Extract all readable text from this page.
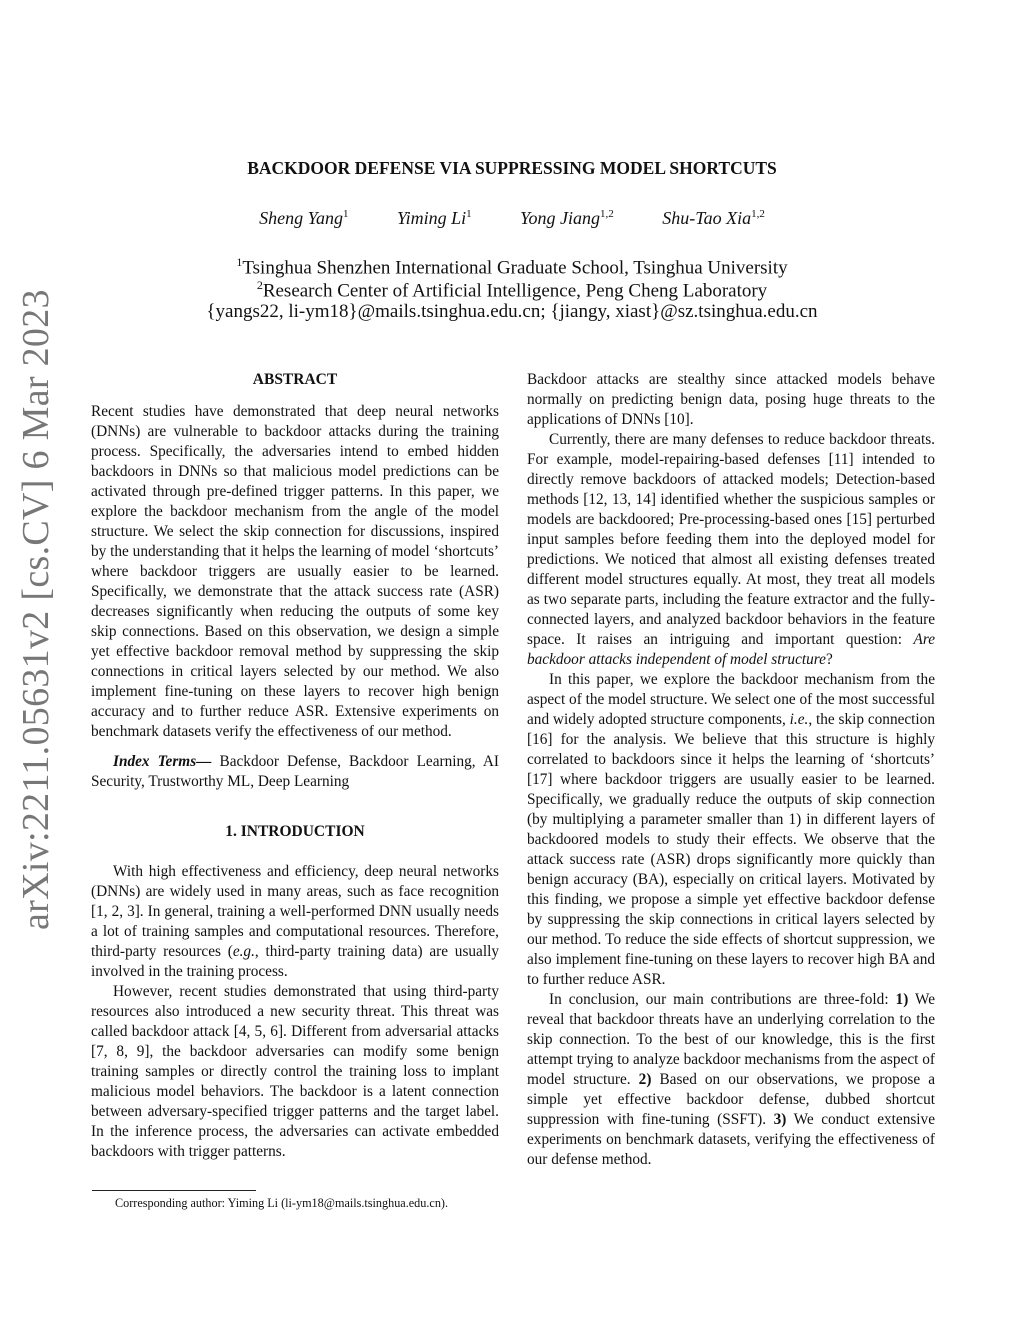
arXiv:2211.05631v2 [cs.CV] 6 Mar 2023
BACKDOOR DEFENSE VIA SUPPRESSING MODEL SHORTCUTS
Sheng Yang$^1$	Yiming Li$^1$	Yong Jiang$^{1,2}$	Shu-Tao Xia$^{1,2}$
$^1$Tsinghua Shenzhen International Graduate School, Tsinghua University
$^2$Research Center of Artificial Intelligence, Peng Cheng Laboratory
{yangs22, li-ym18}@mails.tsinghua.edu.cn; {jiangy, xiast}@sz.tsinghua.edu.cn
ABSTRACT

Recent studies have demonstrated that deep neural networks (DNNs) are vulnerable to backdoor attacks during the training process. Specifically, the adversaries intend to embed hidden backdoors in DNNs so that malicious model predictions can be activated through pre-defined trigger patterns. In this paper, we explore the backdoor mechanism from the angle of the model structure. We select the skip connection for discussions, inspired by the understanding that it helps the learning of model ‘shortcuts’ where backdoor triggers are usually easier to be learned. Specifically, we demonstrate that the attack success rate (ASR) decreases significantly when reducing the outputs of some key skip connections. Based on this observation, we design a simple yet effective backdoor removal method by suppressing the skip connections in critical layers selected by our method. We also implement fine-tuning on these layers to recover high benign accuracy and to further reduce ASR. Extensive experiments on benchmark datasets verify the effectiveness of our method.

Index Terms— Backdoor Defense, Backdoor Learning, AI Security, Trustworthy ML, Deep Learning

1. INTRODUCTION

With high effectiveness and efficiency, deep neural networks (DNNs) are widely used in many areas, such as face recognition [1, 2, 3]. In general, training a well-performed DNN usually needs a lot of training samples and computational resources. Therefore, third-party resources (e.g., third-party training data) are usually involved in the training process.

However, recent studies demonstrated that using third-party resources also introduced a new security threat. This threat was called backdoor attack [4, 5, 6]. Different from adversarial attacks [7, 8, 9], the backdoor adversaries can modify some benign training samples or directly control the training loss to implant malicious model behaviors. The backdoor is a latent connection between adversary-specified trigger patterns and the target label. In the inference process, the adversaries can activate embedded backdoors with trigger patterns.

Corresponding author: Yiming Li (li-ym18@mails.tsinghua.edu.cn).

Backdoor attacks are stealthy since attacked models behave normally on predicting benign data, posing huge threats to the applications of DNNs [10].

Currently, there are many defenses to reduce backdoor threats. For example, model-repairing-based defenses [11] intended to directly remove backdoors of attacked models; Detection-based methods [12, 13, 14] identified whether the suspicious samples or models are backdoored; Pre-processing-based ones [15] perturbed input samples before feeding them into the deployed model for predictions. We noticed that almost all existing defenses treated different model structures equally. At most, they treat all models as two separate parts, including the feature extractor and the fully-connected layers, and analyzed backdoor behaviors in the feature space. It raises an intriguing and important question: Are backdoor attacks independent of model structure?

In this paper, we explore the backdoor mechanism from the aspect of the model structure. We select one of the most successful and widely adopted structure components, i.e., the skip connection [16] for the analysis. We believe that this structure is highly correlated to backdoors since it helps the learning of ‘shortcuts’ [17] where backdoor triggers are usually easier to be learned. Specifically, we gradually reduce the outputs of skip connection (by multiplying a parameter smaller than 1) in different layers of backdoored models to study their effects. We observe that the attack success rate (ASR) drops significantly more quickly than benign accuracy (BA), especially on critical layers. Motivated by this finding, we propose a simple yet effective backdoor defense by suppressing the skip connections in critical layers selected by our method. To reduce the side effects of shortcut suppression, we also implement fine-tuning on these layers to recover high BA and to further reduce ASR.

In conclusion, our main contributions are three-fold: 1) We reveal that backdoor threats have an underlying correlation to the skip connection. To the best of our knowledge, this is the first attempt trying to analyze backdoor mechanisms from the aspect of model structure. 2) Based on our observations, we propose a simple yet effective backdoor defense, dubbed shortcut suppression with fine-tuning (SSFT). 3) We conduct extensive experiments on benchmark datasets, verifying the effectiveness of our defense method.
